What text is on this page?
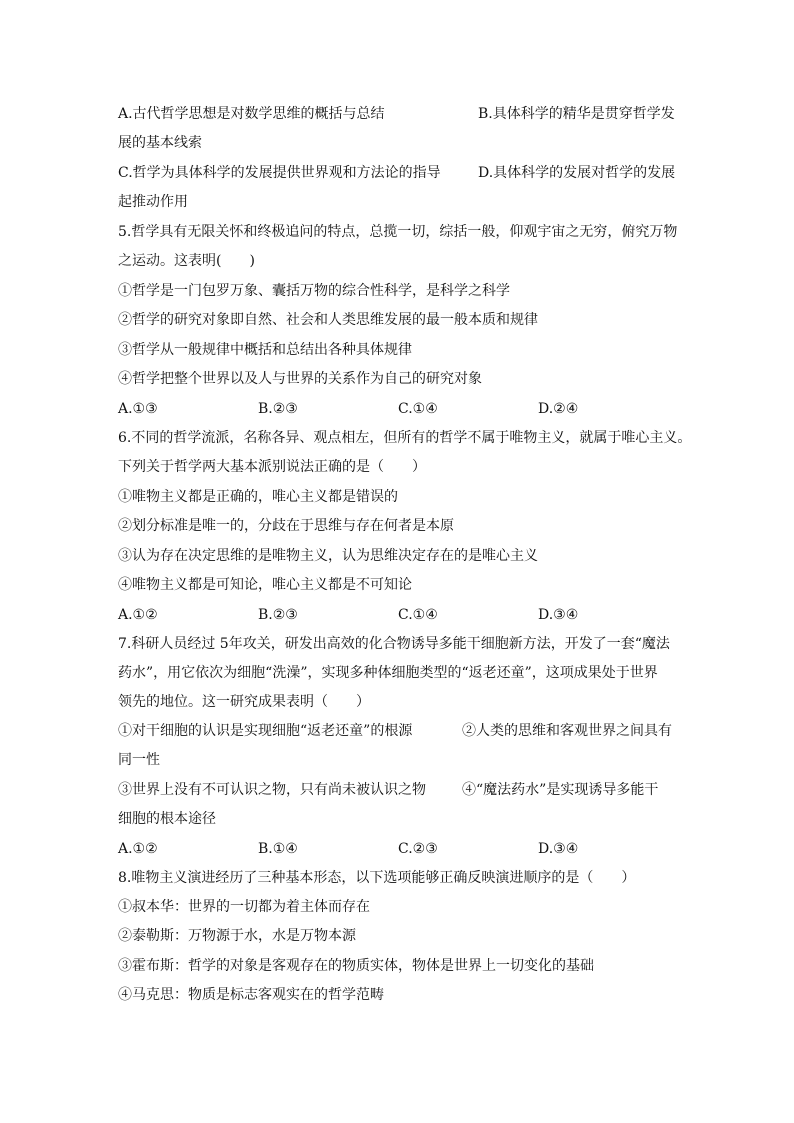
A.古代哲学思想是对数学思维的概括与总结	B.具体科学的精华是贯穿哲学发
展的基本线索
C.哲学为具体科学的发展提供世界观和方法论的指导	D.具体科学的发展对哲学的发展
起推动作用
5.哲学具有无限关怀和终极追问的特点，总揽一切，综括一般，仰观宇宙之无穷，俯究万物
之运动。这表明(　　)
①哲学是一门包罗万象、囊括万物的综合性科学，是科学之科学
②哲学的研究对象即自然、社会和人类思维发展的最一般本质和规律
③哲学从一般规律中概括和总结出各种具体规律
④哲学把整个世界以及人与世界的关系作为自己的研究对象
A.①③	B.②③	C.①④	D.②④
6.不同的哲学流派，名称各异、观点相左，但所有的哲学不属于唯物主义，就属于唯心主义。
下列关于哲学两大基本派别说法正确的是（　　）
①唯物主义都是正确的，唯心主义都是错误的
②划分标准是唯一的，分歧在于思维与存在何者是本原
③认为存在决定思维的是唯物主义，认为思维决定存在的是唯心主义
④唯物主义都是可知论，唯心主义都是不可知论
A.①②	B.②③	C.①④	D.③④
7.科研人员经过 5年攻关，研发出高效的化合物诱导多能干细胞新方法，开发了一套“魔法
药水”，用它依次为细胞“洗澡”，实现多种体细胞类型的“返老还童”，这项成果处于世界
领先的地位。这一研究成果表明（　　）
①对干细胞的认识是实现细胞“返老还童”的根源	②人类的思维和客观世界之间具有
同一性
③世界上没有不可认识之物，只有尚未被认识之物	④“魔法药水”是实现诱导多能干
细胞的根本途径
A.①②	B.①④	C.②③	D.③④
8.唯物主义演进经历了三种基本形态，以下选项能够正确反映演进顺序的是（　　）
①叔本华：世界的一切都为着主体而存在
②泰勒斯：万物源于水，水是万物本源
③霍布斯：哲学的对象是客观存在的物质实体，物体是世界上一切变化的基础
④马克思：物质是标志客观实在的哲学范畴
